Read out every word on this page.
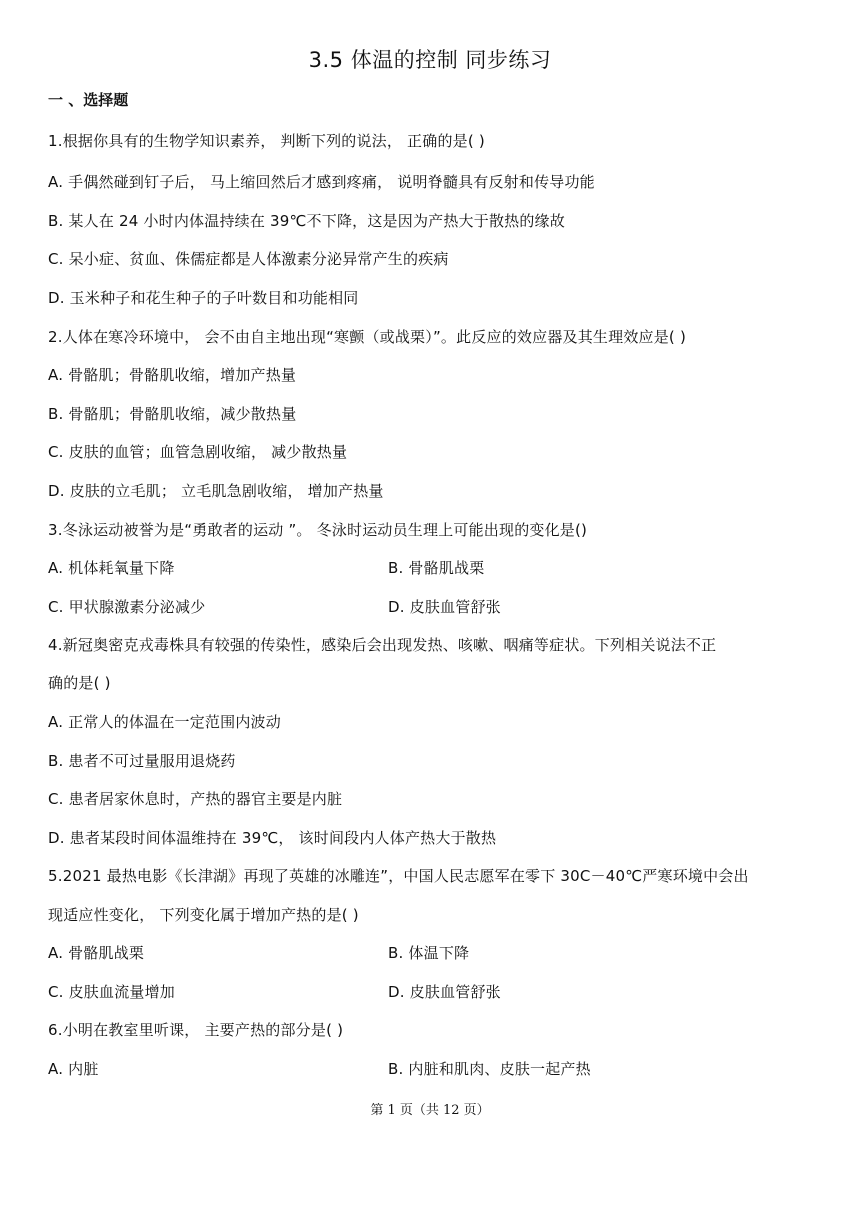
3.5 体温的控制 同步练习
一 、选择题
1.根据你具有的生物学知识素养， 判断下列的说法， 正确的是( )
A. 手偶然碰到钉子后， 马上缩回然后才感到疼痛， 说明脊髓具有反射和传导功能
B. 某人在 24 小时内体温持续在 39℃不下降，这是因为产热大于散热的缘故
C. 呆小症、贫血、侏儒症都是人体激素分泌异常产生的疾病
D. 玉米种子和花生种子的子叶数目和功能相同
2.人体在寒冷环境中， 会不由自主地出现“寒颤（或战栗）”。此反应的效应器及其生理效应是( )
A. 骨骼肌；骨骼肌收缩，增加产热量
B. 骨骼肌；骨骼肌收缩，减少散热量
C. 皮肤的血管；血管急剧收缩， 减少散热量
D. 皮肤的立毛肌； 立毛肌急剧收缩， 增加产热量
3.冬泳运动被誉为是“勇敢者的运动 ”。 冬泳时运动员生理上可能出现的变化是()
A. 机体耗氧量下降	B. 骨骼肌战栗
C. 甲状腺激素分泌减少	D. 皮肤血管舒张
4.新冠奥密克戎毒株具有较强的传染性，感染后会出现发热、咳嗽、咽痛等症状。下列相关说法不正
确的是( )
A. 正常人的体温在一定范围内波动
B. 患者不可过量服用退烧药
C. 患者居家休息时，产热的器官主要是内脏
D. 患者某段时间体温维持在 39℃， 该时间段内人体产热大于散热
5.2021 最热电影《长津湖》再现了英雄的冰雕连”，中国人民志愿军在零下 30C－40℃严寒环境中会出
现适应性变化， 下列变化属于增加产热的是( )
A. 骨骼肌战栗	B. 体温下降
C. 皮肤血流量增加	D. 皮肤血管舒张
6.小明在教室里听课， 主要产热的部分是( )
A. 内脏	B. 内脏和肌肉、皮肤一起产热
第 1 页（共 12 页）
